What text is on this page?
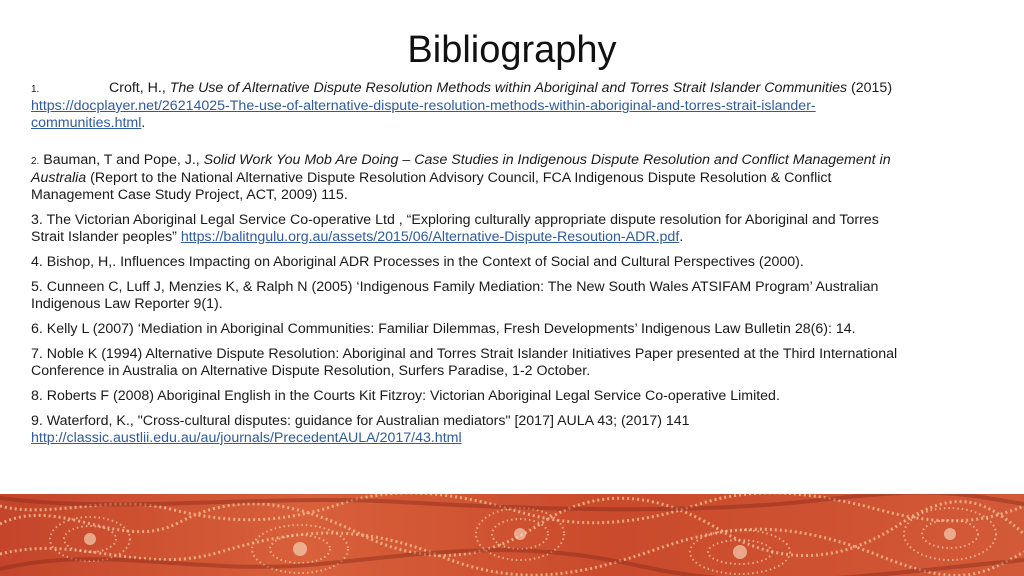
Bibliography
1.	Croft, H., The Use of Alternative Dispute Resolution Methods within Aboriginal and Torres Strait Islander Communities (2015) https://docplayer.net/26214025-The-use-of-alternative-dispute-resolution-methods-within-aboriginal-and-torres-strait-islander-communities.html.
2. Bauman, T and Pope, J., Solid Work You Mob Are Doing – Case Studies in Indigenous Dispute Resolution and Conflict Management in Australia (Report to the National Alternative Dispute Resolution Advisory Council, FCA Indigenous Dispute Resolution & Conflict Management Case Study Project, ACT, 2009) 115.
3. The Victorian Aboriginal Legal Service Co-operative Ltd , “Exploring culturally appropriate dispute resolution for Aboriginal and Torres Strait Islander peoples” https://balitngulu.org.au/assets/2015/06/Alternative-Dispute-Resoution-ADR.pdf.
4. Bishop, H,. Influences Impacting on Aboriginal ADR Processes in the Context of Social and Cultural Perspectives (2000).
5. Cunneen C, Luff J, Menzies K, & Ralph N (2005) ‘Indigenous Family Mediation: The New South Wales ATSIFAM Program’ Australian Indigenous Law Reporter 9(1).
6. Kelly L (2007) ‘Mediation in Aboriginal Communities: Familiar Dilemmas, Fresh Developments’ Indigenous Law Bulletin 28(6): 14.
7. Noble K (1994) Alternative Dispute Resolution: Aboriginal and Torres Strait Islander Initiatives Paper presented at the Third International Conference in Australia on Alternative Dispute Resolution, Surfers Paradise, 1-2 October.
8. Roberts F (2008) Aboriginal English in the Courts Kit Fitzroy: Victorian Aboriginal Legal Service Co-operative Limited.
9. Waterford, K., "Cross-cultural disputes: guidance for Australian mediators" [2017] AULA 43; (2017) 141
http://classic.austlii.edu.au/au/journals/PrecedentAULA/2017/43.html
